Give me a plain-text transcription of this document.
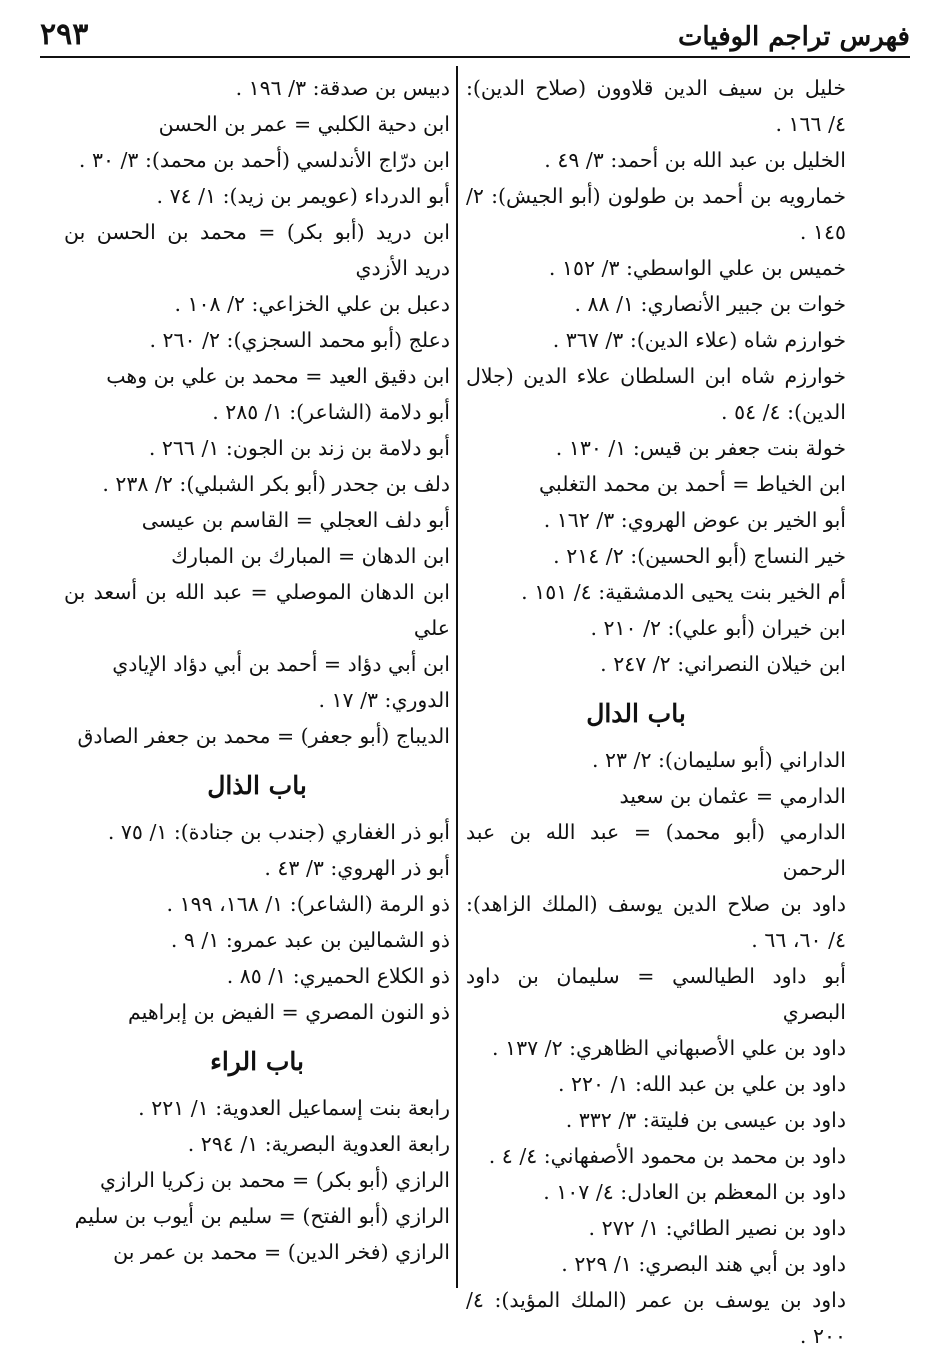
فهرس تراجم الوفيات
٢٩٣
خليل بن سيف الدين قلاوون (صلاح الدين): ٤/ ١٦٦ .
الخليل بن عبد الله بن أحمد: ٣/ ٤٩ .
خمارويه بن أحمد بن طولون (أبو الجيش): ٢/ ١٤٥ .
خميس بن علي الواسطي: ٣/ ١٥٢ .
خوات بن جبير الأنصاري: ١/ ٨٨ .
خوارزم شاه (علاء الدين): ٣/ ٣٦٧ .
خوارزم شاه ابن السلطان علاء الدين (جلال الدين): ٤/ ٥٤ .
خولة بنت جعفر بن قيس: ١/ ١٣٠ .
ابن الخياط = أحمد بن محمد التغلبي
أبو الخير بن عوض الهروي: ٣/ ١٦٢ .
خير النساج (أبو الحسين): ٢/ ٢١٤ .
أم الخير بنت يحيى الدمشقية: ٤/ ١٥١ .
ابن خيران (أبو علي): ٢/ ٢١٠ .
ابن خيلان النصراني: ٢/ ٢٤٧ .
باب الدال
الداراني (أبو سليمان): ٢/ ٢٣ .
الدارمي = عثمان بن سعيد
الدارمي (أبو محمد) = عبد الله بن عبد الرحمن
داود بن صلاح الدين يوسف (الملك الزاهد): ٤/ ٦٠، ٦٦ .
أبو داود الطيالسي = سليمان بن داود البصري
داود بن علي الأصبهاني الظاهري: ٢/ ١٣٧ .
داود بن علي بن عبد الله: ١/ ٢٢٠ .
داود بن عيسى بن فليتة: ٣/ ٣٣٢ .
داود بن محمد بن محمود الأصفهاني: ٤/ ٤ .
داود بن المعظم بن العادل: ٤/ ١٠٧ .
داود بن نصير الطائي: ١/ ٢٧٢ .
داود بن أبي هند البصري: ١/ ٢٢٩ .
داود بن يوسف بن عمر (الملك المؤيد): ٤/ ٢٠٠ .
دبيس بن صدقة: ٣/ ١٩٦ .
ابن دحية الكلبي = عمر بن الحسن
ابن درّاج الأندلسي (أحمد بن محمد): ٣/ ٣٠ .
أبو الدرداء (عويمر بن زيد): ١/ ٧٤ .
ابن دريد (أبو بكر) = محمد بن الحسن بن دريد الأزدي
دعبل بن علي الخزاعي: ٢/ ١٠٨ .
دعلج (أبو محمد السجزي): ٢/ ٢٦٠ .
ابن دقيق العيد = محمد بن علي بن وهب
أبو دلامة (الشاعر): ١/ ٢٨٥ .
أبو دلامة بن زند بن الجون: ١/ ٢٦٦ .
دلف بن جحدر (أبو بكر الشبلي): ٢/ ٢٣٨ .
أبو دلف العجلي = القاسم بن عيسى
ابن الدهان = المبارك بن المبارك
ابن الدهان الموصلي = عبد الله بن أسعد بن علي
ابن أبي دؤاد = أحمد بن أبي دؤاد الإيادي
الدوري: ٣/ ١٧ .
الديباج (أبو جعفر) = محمد بن جعفر الصادق
باب الذال
أبو ذر الغفاري (جندب بن جنادة): ١/ ٧٥ .
أبو ذر الهروي: ٣/ ٤٣ .
ذو الرمة (الشاعر): ١/ ١٦٨، ١٩٩ .
ذو الشمالين بن عبد عمرو: ١/ ٩ .
ذو الكلاع الحميري: ١/ ٨٥ .
ذو النون المصري = الفيض بن إبراهيم
باب الراء
رابعة بنت إسماعيل العدوية: ١/ ٢٢١ .
رابعة العدوية البصرية: ١/ ٢٩٤ .
الرازي (أبو بكر) = محمد بن زكريا الرازي
الرازي (أبو الفتح) = سليم بن أيوب بن سليم
الرازي (فخر الدين) = محمد بن عمر بن
